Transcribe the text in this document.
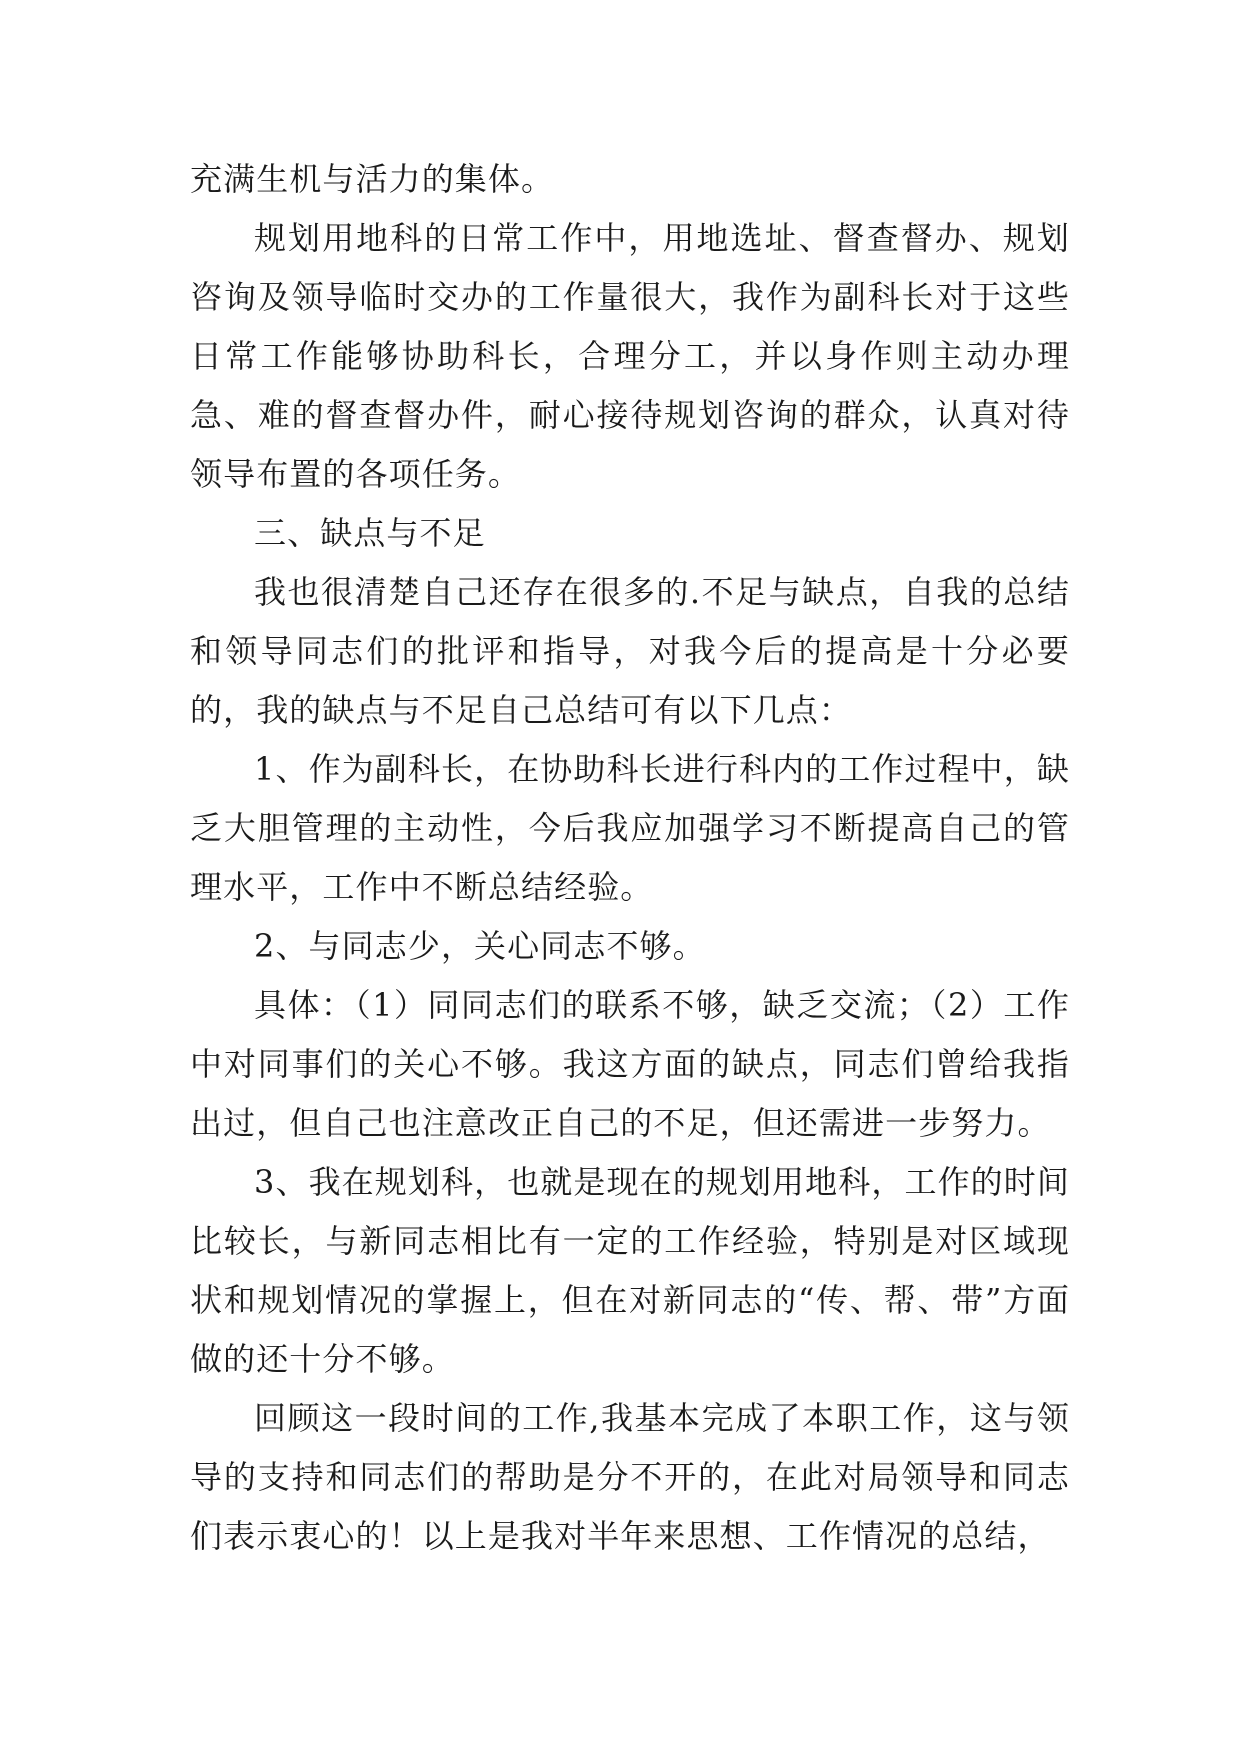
充满生机与活力的集体。

规划用地科的日常工作中，用地选址、督查督办、规划咨询及领导临时交办的工作量很大，我作为副科长对于这些日常工作能够协助科长，合理分工，并以身作则主动办理急、难的督查督办件，耐心接待规划咨询的群众，认真对待领导布置的各项任务。

三、缺点与不足

我也很清楚自己还存在很多的.不足与缺点，自我的总结和领导同志们的批评和指导，对我今后的提高是十分必要的，我的缺点与不足自己总结可有以下几点：

1、作为副科长，在协助科长进行科内的工作过程中，缺乏大胆管理的主动性，今后我应加强学习不断提高自己的管理水平，工作中不断总结经验。

2、与同志少，关心同志不够。

具体：（1）同同志们的联系不够，缺乏交流；（2）工作中对同事们的关心不够。我这方面的缺点，同志们曾给我指出过，但自己也注意改正自己的不足，但还需进一步努力。

3、我在规划科，也就是现在的规划用地科，工作的时间比较长，与新同志相比有一定的工作经验，特别是对区域现状和规划情况的掌握上，但在对新同志的“传、帮、带”方面做的还十分不够。

回顾这一段时间的工作,我基本完成了本职工作，这与领导的支持和同志们的帮助是分不开的，在此对局领导和同志们表示衷心的！以上是我对半年来思想、工作情况的总结，
